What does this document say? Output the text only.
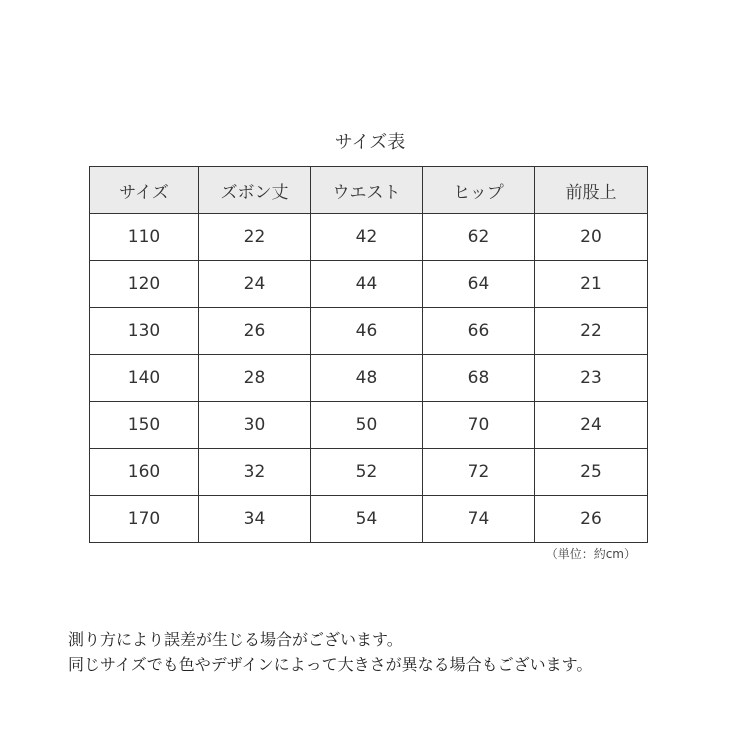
サイズ表
サイズ	ズボン丈	ウエスト	ヒップ	前股上
110	22	42	62	20
120	24	44	64	21
130	26	46	66	22
140	28	48	68	23
150	30	50	70	24
160	32	52	72	25
170	34	54	74	26
（単位：約cm）

測り方により誤差が生じる場合がございます。

同じサイズでも色やデザインによって大きさが異なる場合もございます。
